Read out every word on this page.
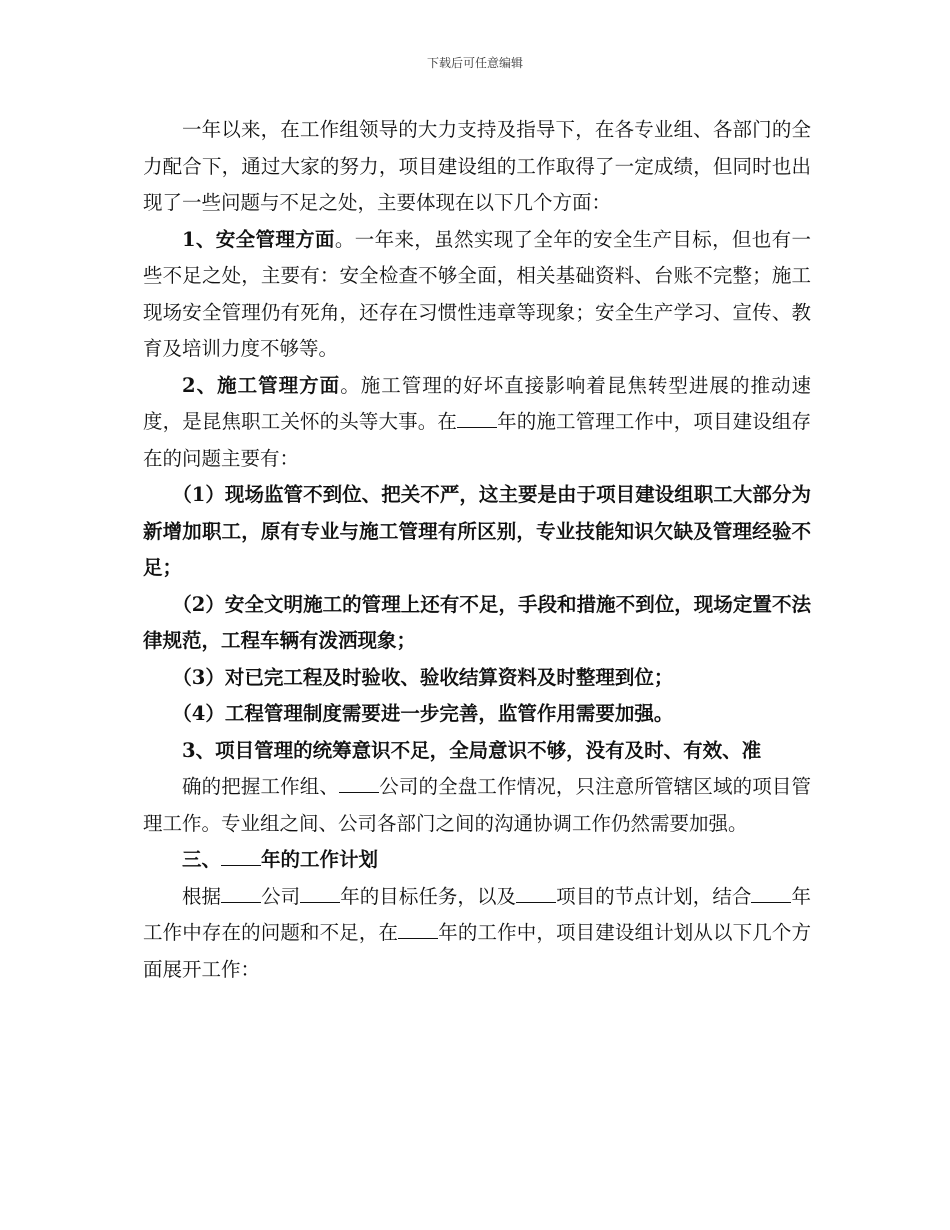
下载后可任意编辑

一年以来，在工作组领导的大力支持及指导下，在各专业组、各部门的全力配合下，通过大家的努力，项目建设组的工作取得了一定成绩，但同时也出现了一些问题与不足之处，主要体现在以下几个方面：

1、安全管理方面。一年来，虽然实现了全年的安全生产目标，但也有一些不足之处，主要有：安全检查不够全面，相关基础资料、台账不完整；施工现场安全管理仍有死角，还存在习惯性违章等现象；安全生产学习、宣传、教育及培训力度不够等。

2、施工管理方面。施工管理的好坏直接影响着昆焦转型进展的推动速度，是昆焦职工关怀的头等大事。在 年的施工管理工作中，项目建设组存在的问题主要有：

（1）现场监管不到位、把关不严，这主要是由于项目建设组职工大部分为新增加职工，原有专业与施工管理有所区别，专业技能知识欠缺及管理经验不足；

（2）安全文明施工的管理上还有不足，手段和措施不到位，现场定置不法律规范，工程车辆有泼洒现象；

（3）对已完工程及时验收、验收结算资料及时整理到位；

（4）工程管理制度需要进一步完善，监管作用需要加强。

3、项目管理的统筹意识不足，全局意识不够，没有及时、有效、准

确的把握工作组、 公司的全盘工作情况，只注意所管辖区域的项目管理工作。专业组之间、公司各部门之间的沟通协调工作仍然需要加强。

三、 年的工作计划

根据 公司 年的目标任务，以及 项目的节点计划，结合 年工作中存在的问题和不足，在 年的工作中，项目建设组计划从以下几个方面展开工作：
